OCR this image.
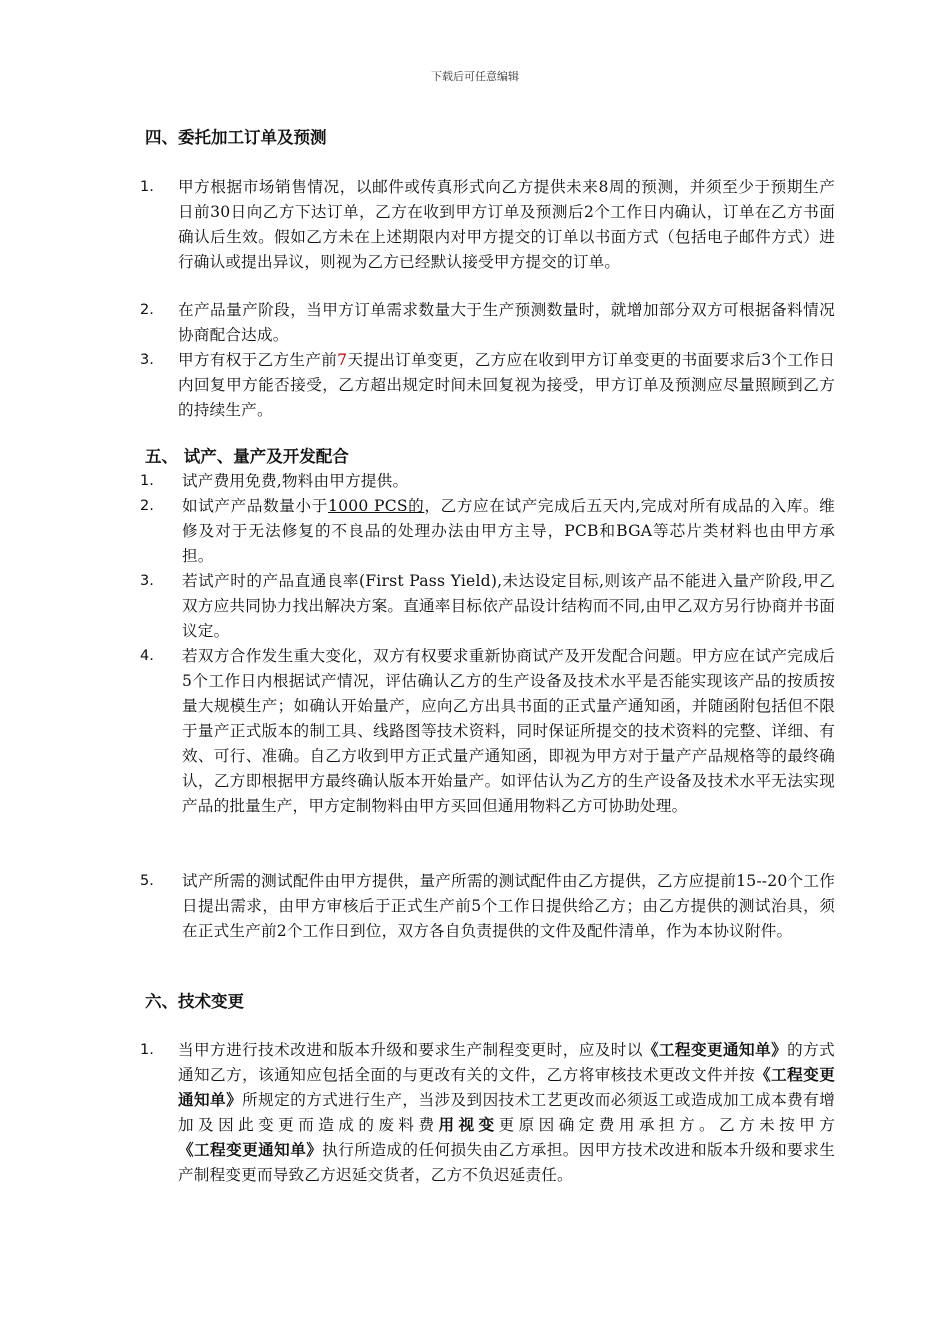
下载后可任意编辑
四、委托加工订单及预测
1. 甲方根据市场销售情况，以邮件或传真形式向乙方提供未来8周的预测，并须至少于预期生产日前30日向乙方下达订单，乙方在收到甲方订单及预测后2个工作日内确认，订单在乙方书面确认后生效。假如乙方未在上述期限内对甲方提交的订单以书面方式（包括电子邮件方式）进行确认或提出异议，则视为乙方已经默认接受甲方提交的订单。
2. 在产品量产阶段，当甲方订单需求数量大于生产预测数量时，就增加部分双方可根据备料情况协商配合达成。
3. 甲方有权于乙方生产前7天提出订单变更，乙方应在收到甲方订单变更的书面要求后3个工作日内回复甲方能否接受，乙方超出规定时间未回复视为接受，甲方订单及预测应尽量照顾到乙方的持续生产。
五、 试产、量产及开发配合
1. 试产费用免费,物料由甲方提供。
2. 如试产产品数量小于1000 PCS的，乙方应在试产完成后五天内,完成对所有成品的入库。维修及对于无法修复的不良品的处理办法由甲方主导，PCB和BGA等芯片类材料也由甲方承担。
3. 若试产时的产品直通良率(First Pass Yield),未达设定目标,则该产品不能进入量产阶段,甲乙双方应共同协力找出解决方案。直通率目标依产品设计结构而不同,由甲乙双方另行协商并书面议定。
4. 若双方合作发生重大变化，双方有权要求重新协商试产及开发配合问题。甲方应在试产完成后5个工作日内根据试产情况，评估确认乙方的生产设备及技术水平是否能实现该产品的按质按量大规模生产；如确认开始量产，应向乙方出具书面的正式量产通知函，并随函附包括但不限于量产正式版本的制工具、线路图等技术资料，同时保证所提交的技术资料的完整、详细、有效、可行、准确。自乙方收到甲方正式量产通知函，即视为甲方对于量产产品规格等的最终确认，乙方即根据甲方最终确认版本开始量产。如评估认为乙方的生产设备及技术水平无法实现产品的批量生产，甲方定制物料由甲方买回但通用物料乙方可协助处理。
5. 试产所需的测试配件由甲方提供，量产所需的测试配件由乙方提供，乙方应提前15--20个工作日提出需求，由甲方审核后于正式生产前5个工作日提供给乙方；由乙方提供的测试治具，须在正式生产前2个工作日到位，双方各自负责提供的文件及配件清单，作为本协议附件。
六、技术变更
1. 当甲方进行技术改进和版本升级和要求生产制程变更时，应及时以《工程变更通知单》的方式通知乙方，该通知应包括全面的与更改有关的文件，乙方将审核技术更改文件并按《工程变更通知单》所规定的方式进行生产，当涉及到因技术工艺更改而必须返工或造成加工成本费有增加及因此变更而造成的废料费用视变更原因确定费用承担方。乙方未按甲方《工程变更通知单》执行所造成的任何损失由乙方承担。因甲方技术改进和版本升级和要求生产制程变更而导致乙方迟延交货者，乙方不负迟延责任。
